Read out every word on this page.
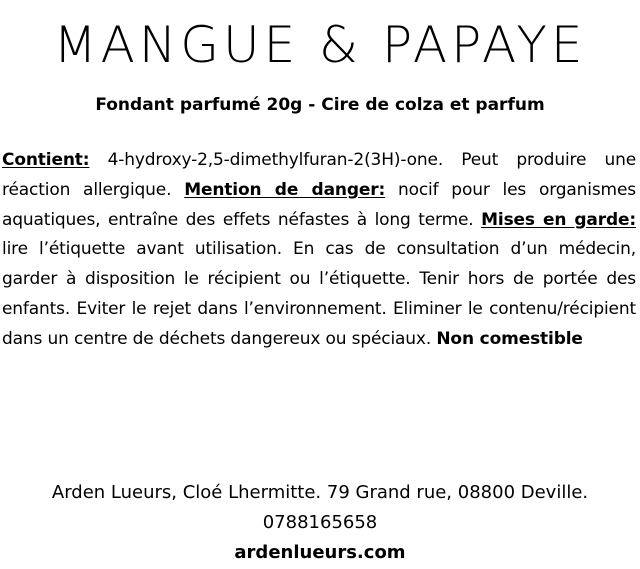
MANGUE & PAPAYE
Fondant parfumé 20g - Cire de colza et parfum
Contient: 4-hydroxy-2,5-dimethylfuran-2(3H)-one. Peut produire une réaction allergique. Mention de danger: nocif pour les organismes aquatiques, entraîne des effets néfastes à long terme. Mises en garde: lire l’étiquette avant utilisation. En cas de consultation d’un médecin, garder à disposition le récipient ou l’étiquette. Tenir hors de portée des enfants. Eviter le rejet dans l’environnement. Eliminer le contenu/récipient dans un centre de déchets dangereux ou spéciaux. Non comestible
Arden Lueurs, Cloé Lhermitte. 79 Grand rue, 08800 Deville.
0788165658
ardenlueurs.com
